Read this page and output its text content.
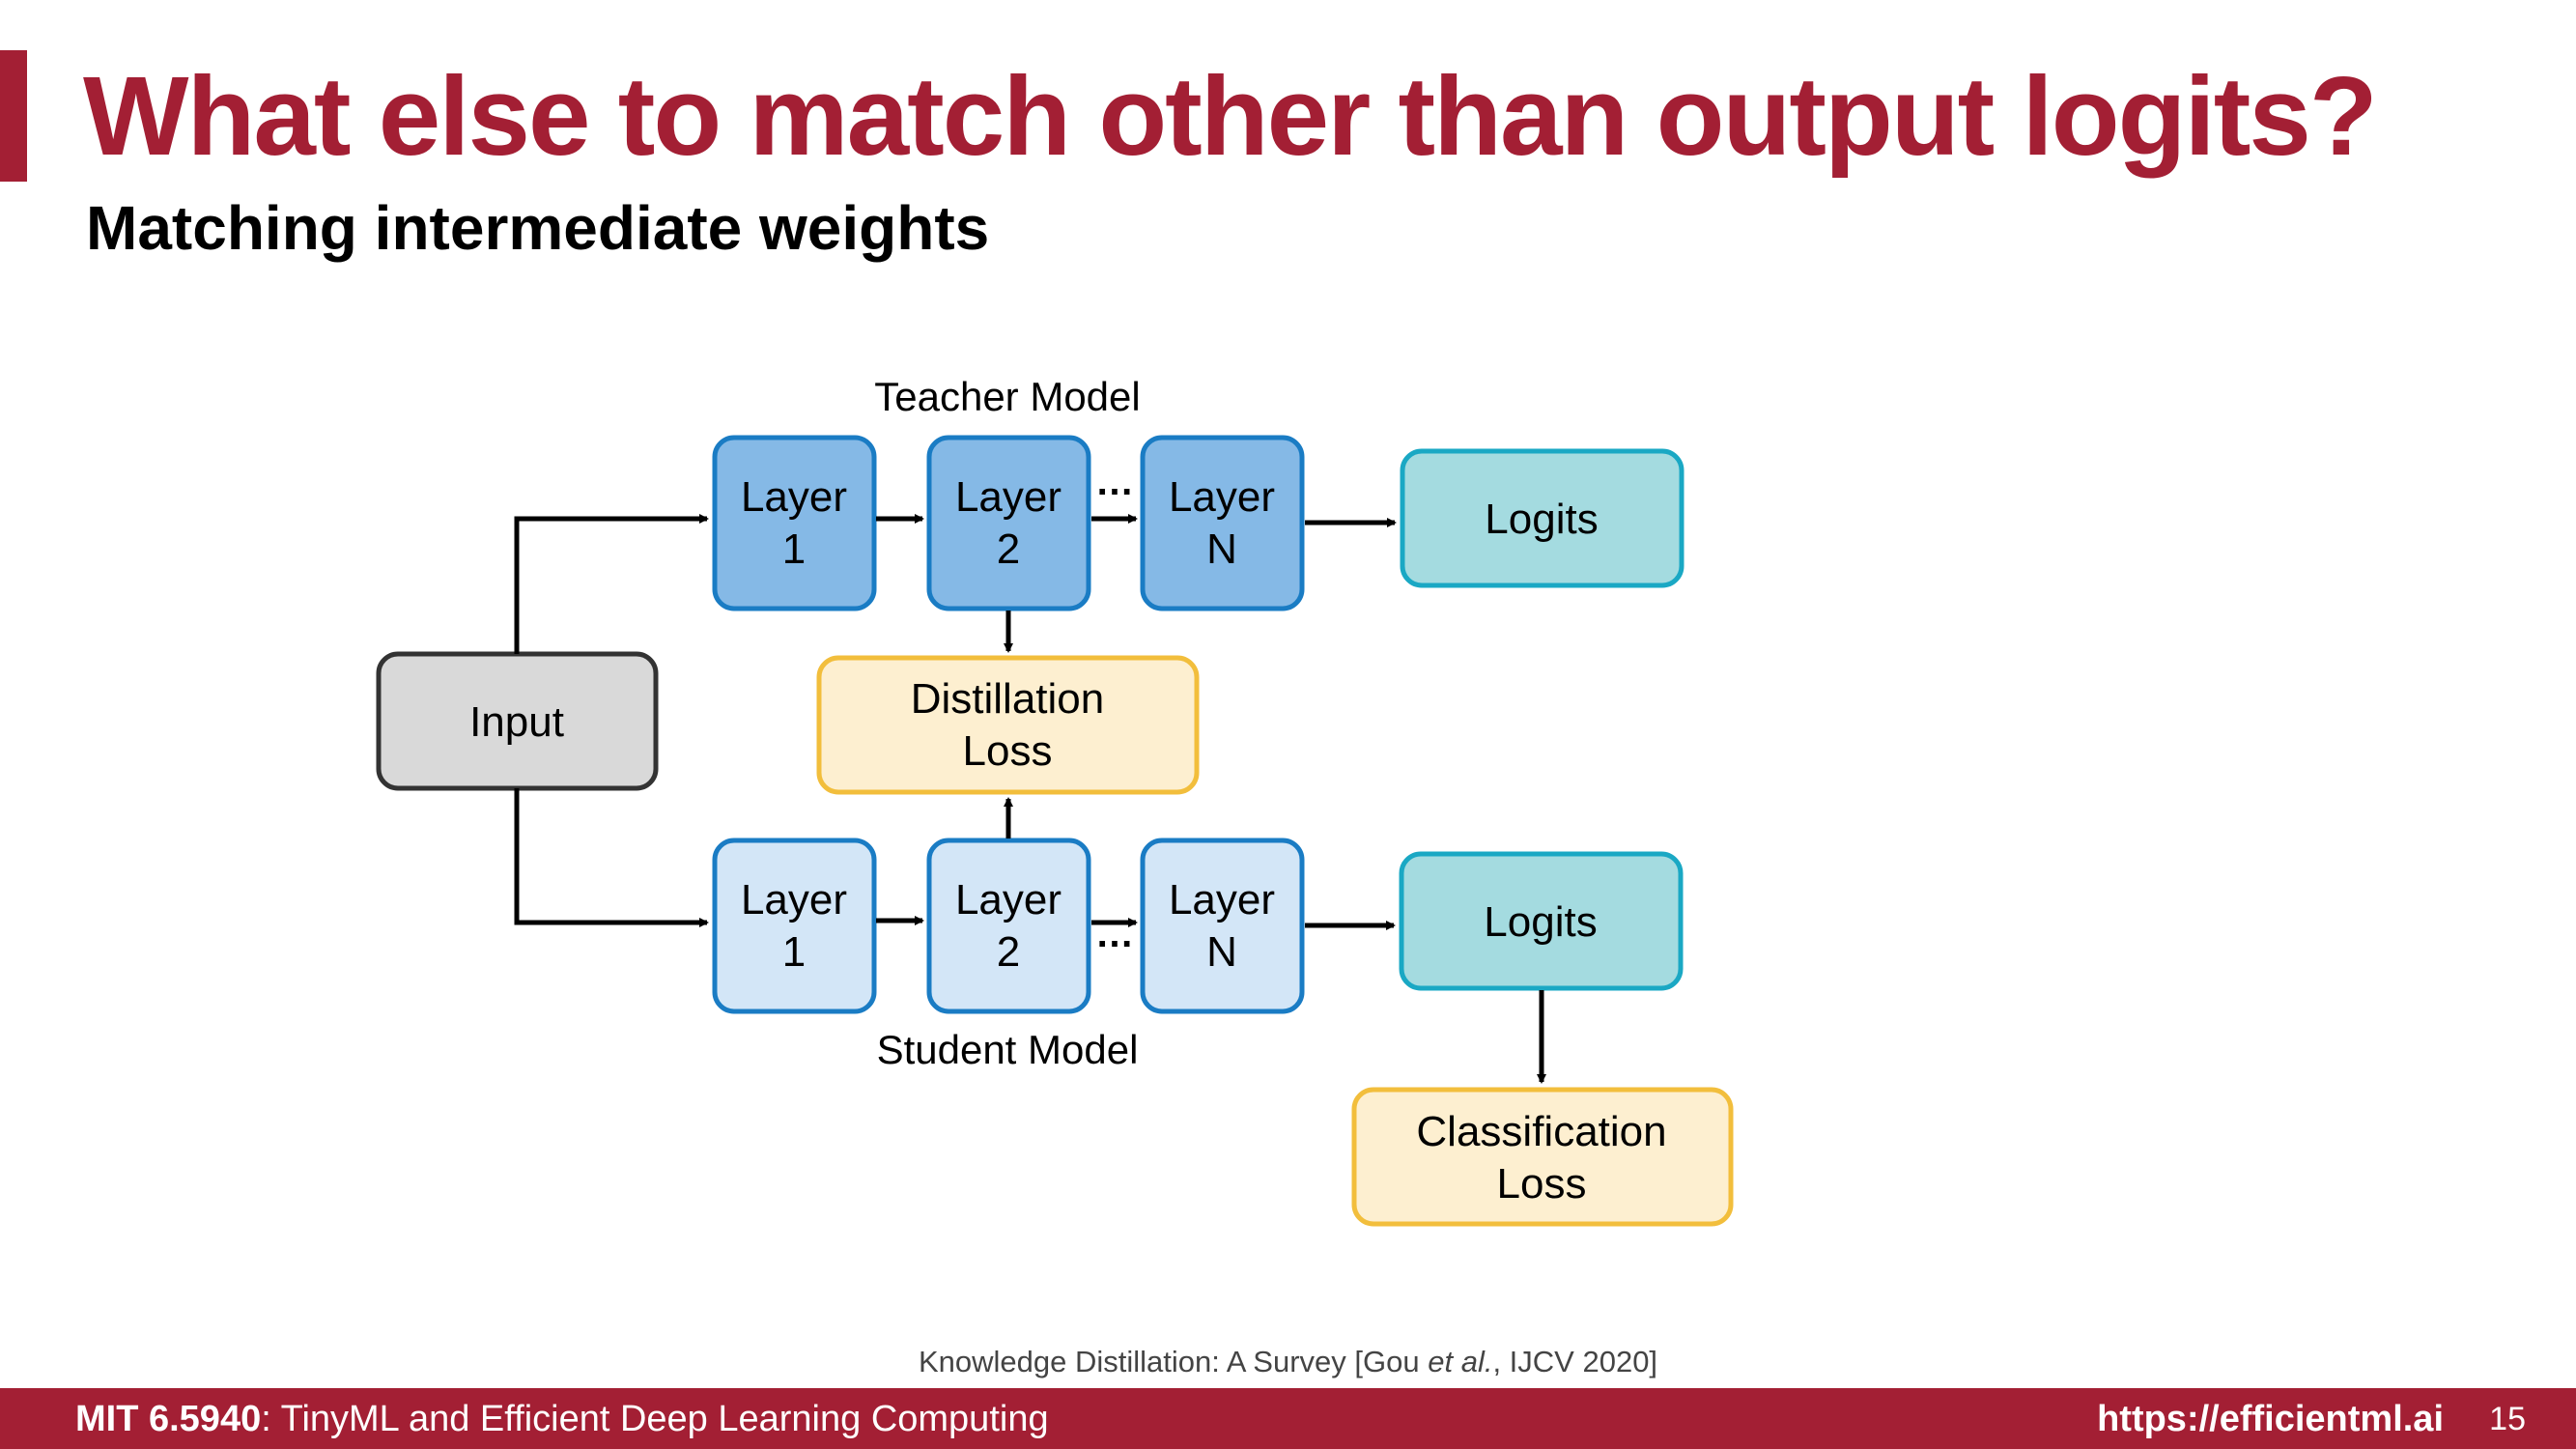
What else to match other than output logits?
Matching intermediate weights
Teacher Model
Student Model
Input
Layer
1
Layer
2
Layer
N
Logits
Distillation
Loss
Layer
1
Layer
2
Layer
N
Logits
Classification
Loss
…
…
Knowledge Distillation: A Survey [Gou et al., IJCV 2020]
MIT 6.5940: TinyML and Efficient Deep Learning Computing	https://efficientml.ai 15
